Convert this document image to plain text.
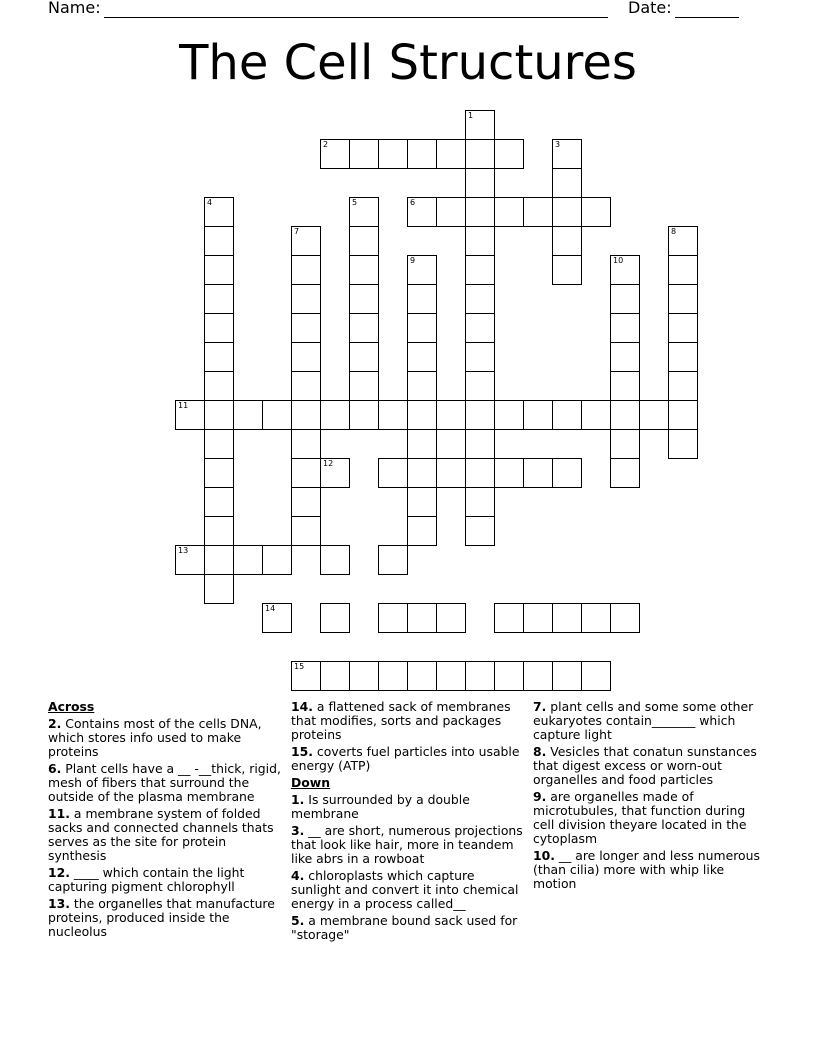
Name:	Date:
The Cell Structures
1
2	3
4	5	6
7	8
9	10
11
12
13
14
15
Across
2. Contains most of the cells DNA, which stores info used to make proteins
6. Plant cells have a __ -__thick, rigid, mesh of fibers that surround the outside of the plasma membrane
11. a membrane system of folded sacks and connected channels thats serves as the site for protein synthesis
12. ____ which contain the light capturing pigment chlorophyll
13. the organelles that manufacture proteins, produced inside the nucleolus
14. a flattened sack of membranes that modifies, sorts and packages proteins
15. coverts fuel particles into usable energy (ATP)
Down
1. Is surrounded by a double membrane
3. __ are short, numerous projections that look like hair, more in teandem like abrs in a rowboat
4. chloroplasts which capture sunlight and convert it into chemical energy in a process called__
5. a membrane bound sack used for "storage"
7. plant cells and some some other eukaryotes contain_______ which capture light
8. Vesicles that conatun sunstances that digest excess or worn-out organelles and food particles
9. are organelles made of microtubules, that function during cell division theyare located in the cytoplasm
10. __ are longer and less numerous (than cilia) more with whip like motion
